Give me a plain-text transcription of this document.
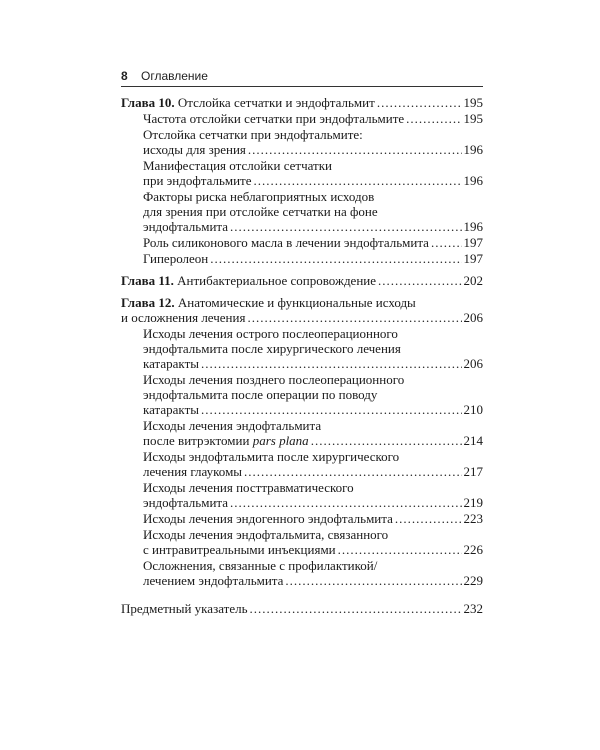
8 Оглавление
Глава 10. Отслойка сетчатки и эндофтальмит .....	195
Частота отслойки сетчатки при эндофтальмите .....	195
Отслойка сетчатки при эндофтальмите:
исходы для зрения .....	196
Манифестация отслойки сетчатки
при эндофтальмите .....	196
Факторы риска неблагоприятных исходов
для зрения при отслойке сетчатки на фоне
эндофтальмита .....	196
Роль силиконового масла в лечении эндофтальмита .....	197
Гиперолеон .....	197
Глава 11. Антибактериальное сопровождение .....	202
Глава 12. Анатомические и функциональные исходы
и осложнения лечения .....	206
Исходы лечения острого послеоперационного
эндофтальмита после хирургического лечения
катаракты .....	206
Исходы лечения позднего послеоперационного
эндофтальмита после операции по поводу
катаракты .....	210
Исходы лечения эндофтальмита
после витрэктомии pars plana .....	214
Исходы эндофтальмита после хирургического
лечения глаукомы .....	217
Исходы лечения посттравматического
эндофтальмита .....	219
Исходы лечения эндогенного эндофтальмита .....	223
Исходы лечения эндофтальмита, связанного
с интравитреальными инъекциями .....	226
Осложнения, связанные с профилактикой/
лечением эндофтальмита .....	229
Предметный указатель .....	232
